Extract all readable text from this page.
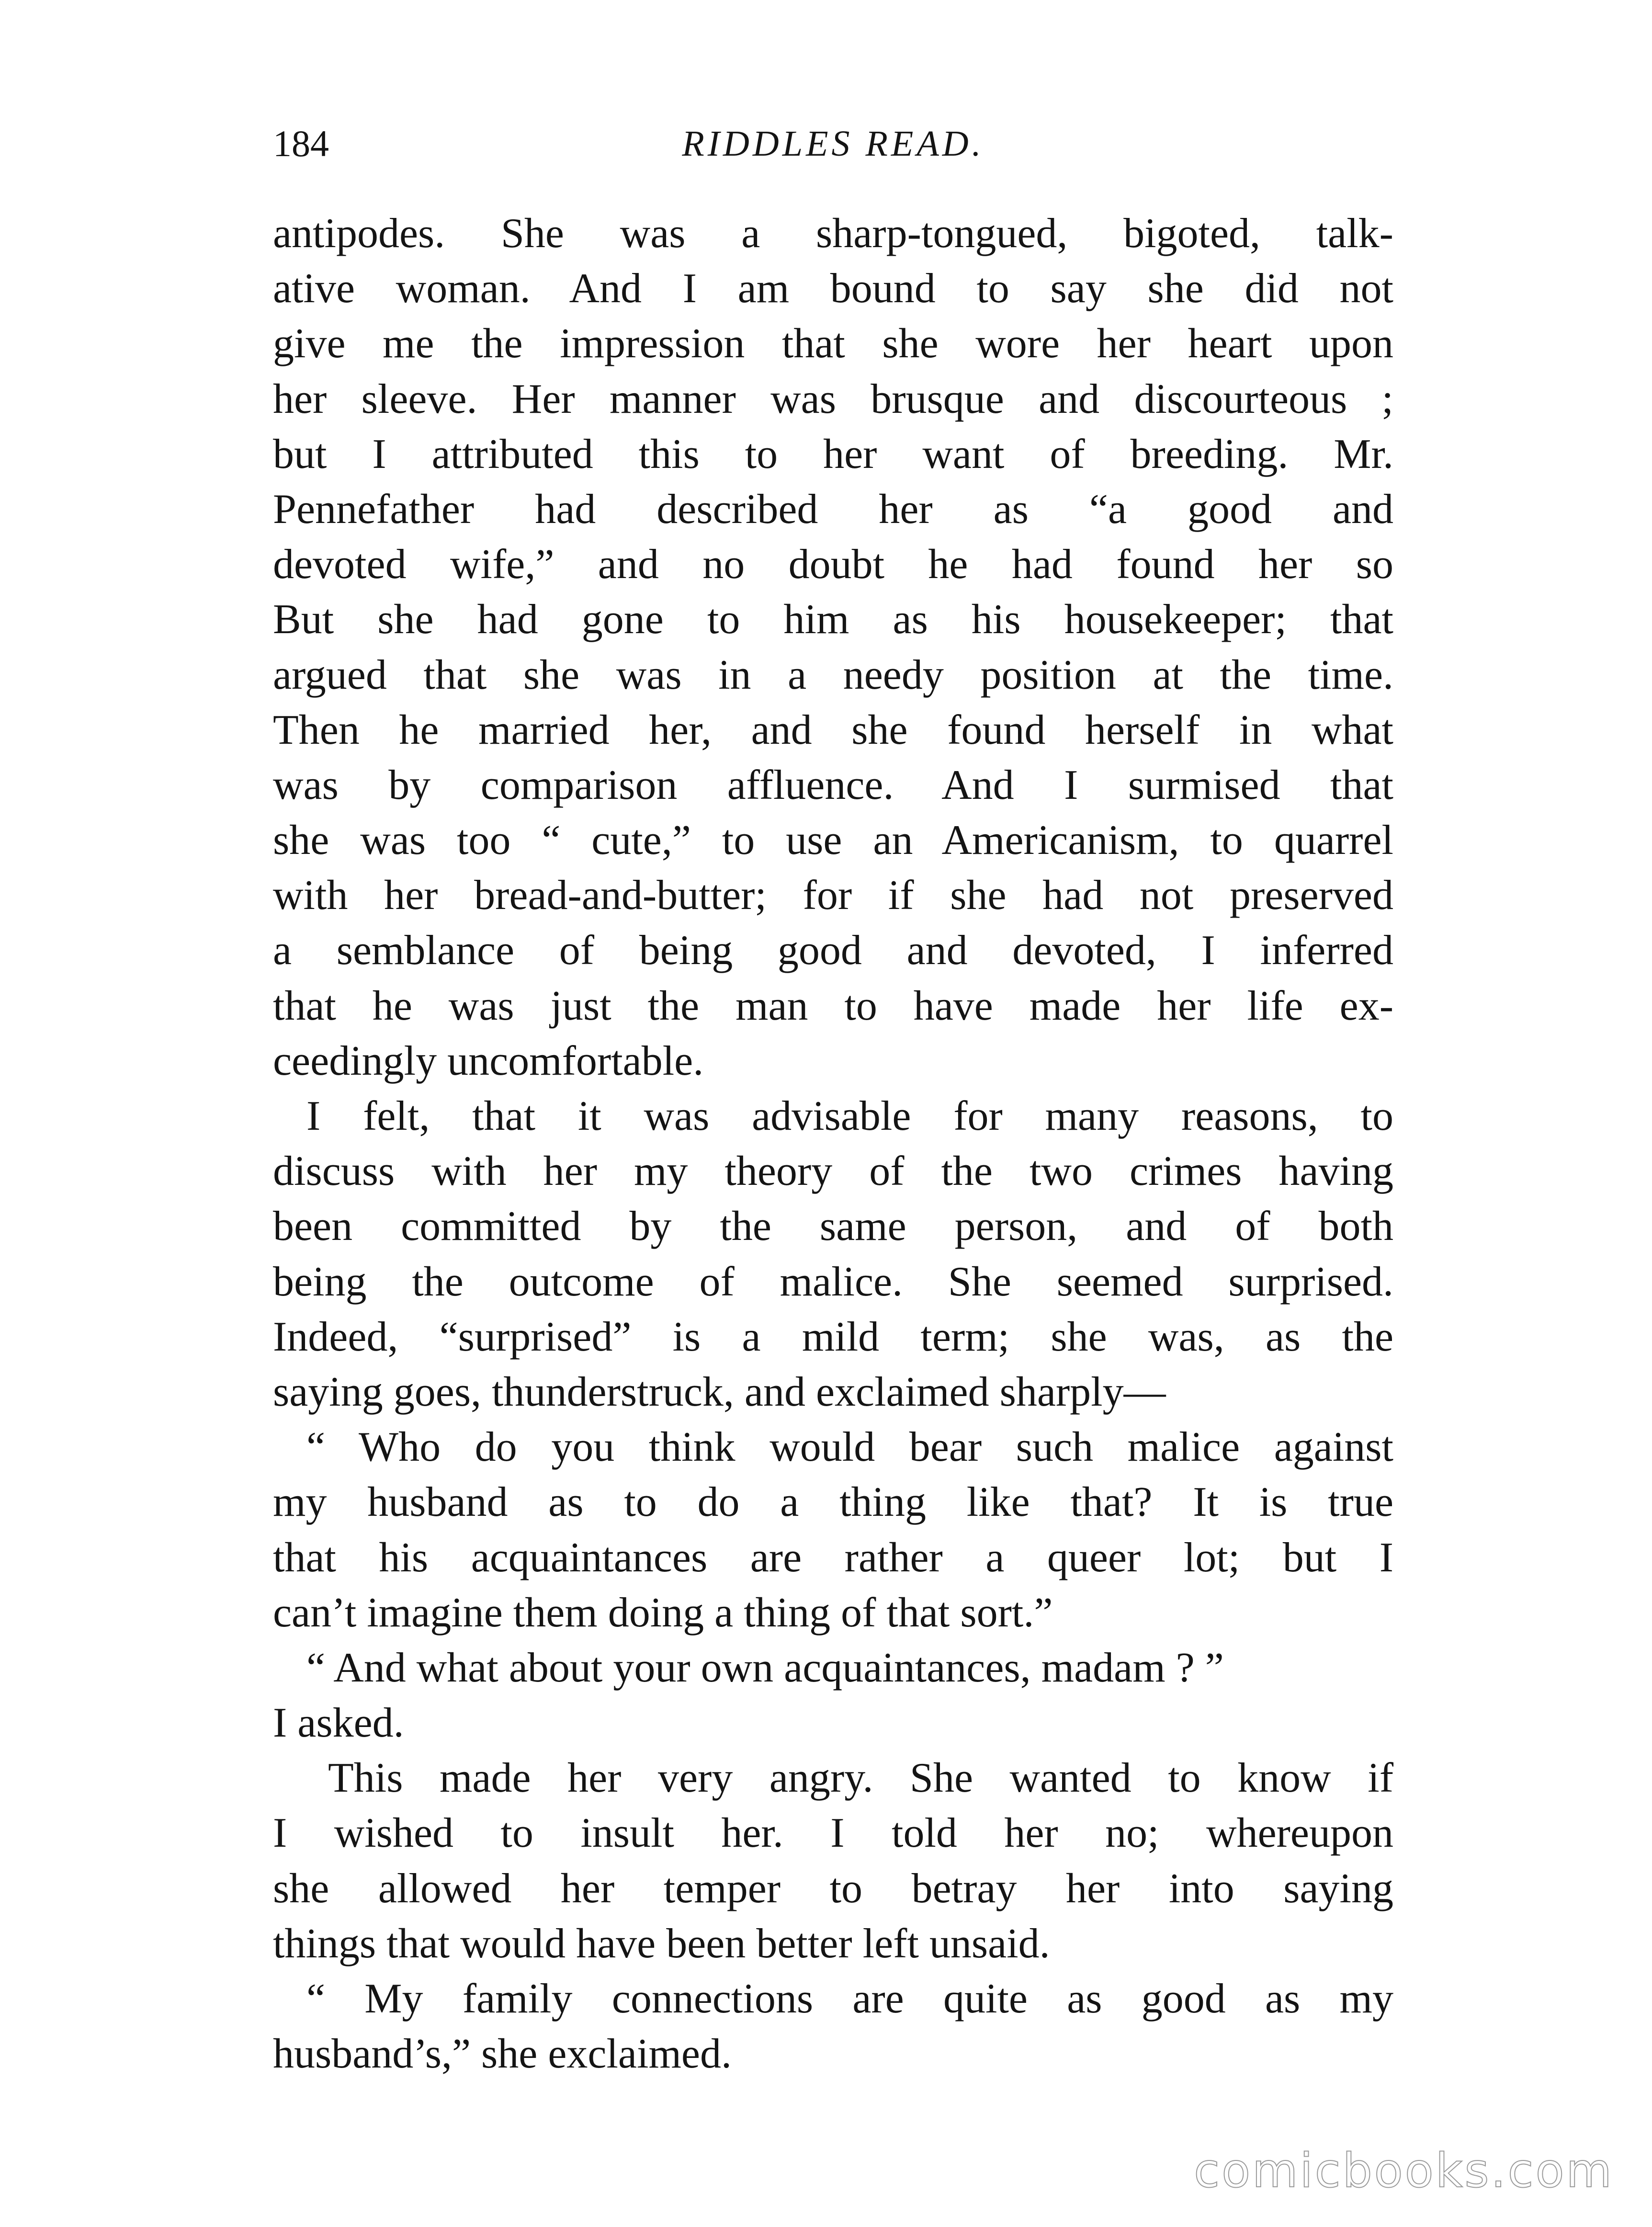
184	RIDDLES READ.
antipodes. She was a sharp-tongued, bigoted, talk-
ative woman. And I am bound to say she did not
give me the impression that she wore her heart upon
her sleeve. Her manner was brusque and discourteous ;
but I attributed this to her want of breeding. Mr.
Pennefather had described her as “a good and
devoted wife,” and no doubt he had found her so
But she had gone to him as his housekeeper; that
argued that she was in a needy position at the time.
Then he married her, and she found herself in what
was by comparison affluence. And I surmised that
she was too “ cute,” to use an Americanism, to quarrel
with her bread-and-butter; for if she had not preserved
a semblance of being good and devoted, I inferred
that he was just the man to have made her life ex-
ceedingly uncomfortable.
I felt, that it was advisable for many reasons, to
discuss with her my theory of the two crimes having
been committed by the same person, and of both
being the outcome of malice. She seemed surprised.
Indeed, “surprised” is a mild term; she was, as the
saying goes, thunderstruck, and exclaimed sharply—
“ Who do you think would bear such malice against
my husband as to do a thing like that? It is true
that his acquaintances are rather a queer lot; but I
can’t imagine them doing a thing of that sort.”
“ And what about your own acquaintances, madam ? ”
I asked.
This made her very angry. She wanted to know if
I wished to insult her. I told her no; whereupon
she allowed her temper to betray her into saying
things that would have been better left unsaid.
“ My family connections are quite as good as my
husband’s,” she exclaimed.
comicbooks.com
